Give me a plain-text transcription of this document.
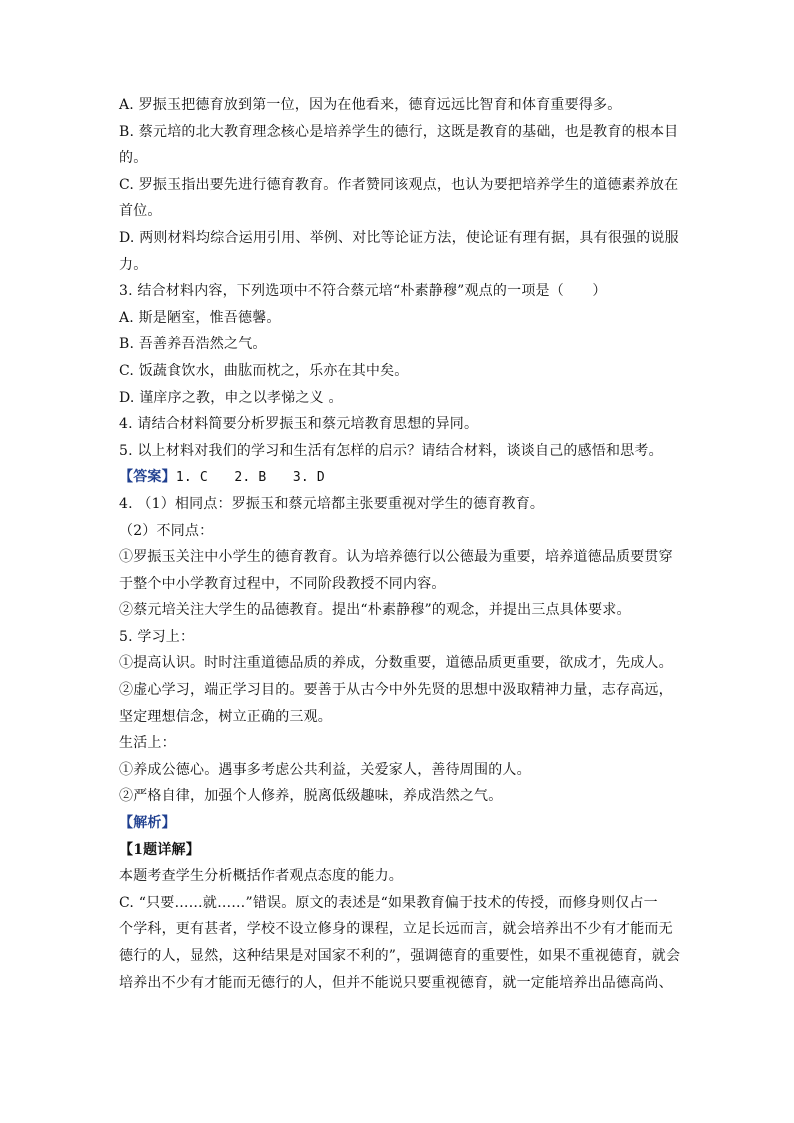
A. 罗振玉把德育放到第一位，因为在他看来，德育远远比智育和体育重要得多。
B. 蔡元培的北大教育理念核心是培养学生的德行，这既是教育的基础，也是教育的根本目
的。
C. 罗振玉指出要先进行德育教育。作者赞同该观点，也认为要把培养学生的道德素养放在
首位。
D. 两则材料均综合运用引用、举例、对比等论证方法，使论证有理有据，具有很强的说服
力。
3. 结合材料内容，下列选项中不符合蔡元培“朴素静穆”观点的一项是（　　）
A. 斯是陋室，惟吾德馨。
B. 吾善养吾浩然之气。
C. 饭蔬食饮水，曲肱而枕之，乐亦在其中矣。
D. 谨庠序之教，申之以孝悌之义 。
4. 请结合材料简要分析罗振玉和蔡元培教育思想的异同。
5. 以上材料对我们的学习和生活有怎样的启示？请结合材料，谈谈自己的感悟和思考。
【答案】1. C　　2. B　　3. D
4. （1）相同点：罗振玉和蔡元培都主张要重视对学生的德育教育。
（2）不同点：
①罗振玉关注中小学生的德育教育。认为培养德行以公德最为重要，培养道德品质要贯穿
于整个中小学教育过程中，不同阶段教授不同内容。
②蔡元培关注大学生的品德教育。提出“朴素静穆”的观念，并提出三点具体要求。
5. 学习上：
①提高认识。时时注重道德品质的养成，分数重要，道德品质更重要，欲成才，先成人。
②虚心学习，端正学习目的。要善于从古今中外先贤的思想中汲取精神力量，志存高远，
坚定理想信念，树立正确的三观。
生活上：
①养成公德心。遇事多考虑公共利益，关爱家人，善待周围的人。
②严格自律，加强个人修养，脱离低级趣味，养成浩然之气。
【解析】
【1题详解】
本题考查学生分析概括作者观点态度的能力。
C. “只要……就……”错误。原文的表述是“如果教育偏于技术的传授，而修身则仅占一
个学科，更有甚者，学校不设立修身的课程，立足长远而言，就会培养出不少有才能而无
德行的人，显然，这种结果是对国家不利的”，强调德育的重要性，如果不重视德育，就会
培养出不少有才能而无德行的人，但并不能说只要重视德育，就一定能培养出品德高尚、
